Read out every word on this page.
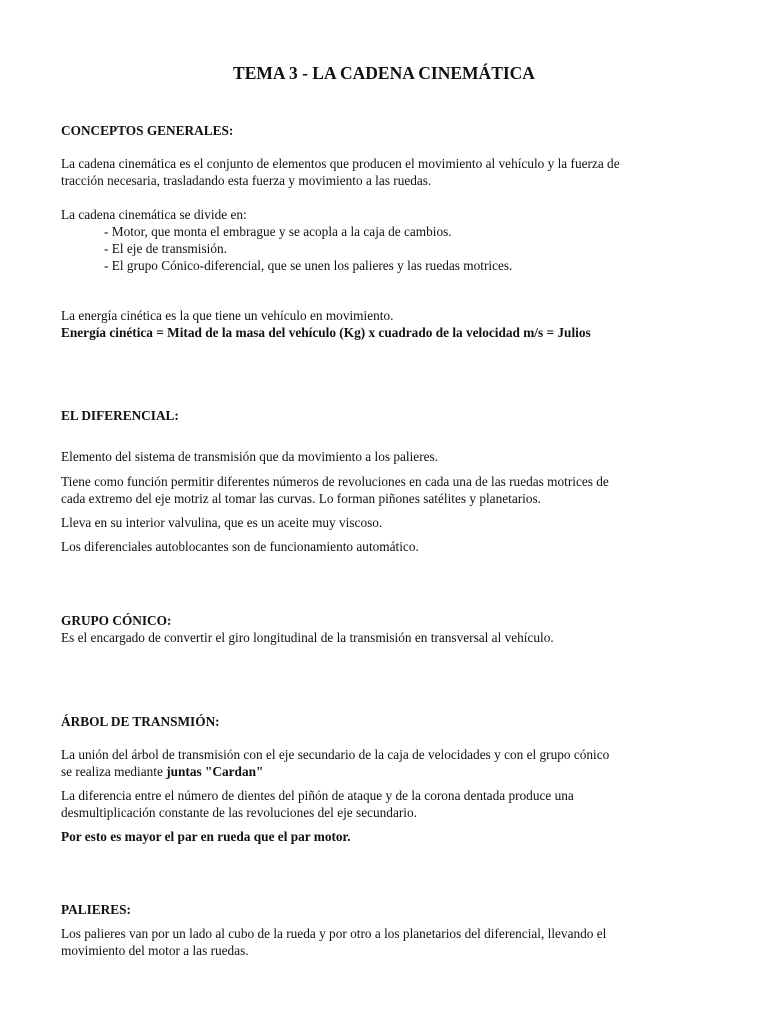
TEMA 3 - LA CADENA CINEMÁTICA
CONCEPTOS GENERALES:
La cadena cinemática es el conjunto de elementos que producen el movimiento al vehículo y la fuerza de
tracción necesaria, trasladando esta fuerza y movimiento a las ruedas.
La cadena cinemática se divide en:
- Motor, que monta el embrague y se acopla a la caja de cambios.
- El eje de transmisión.
- El grupo Cónico-diferencial, que se unen los palieres y las ruedas motrices.
La energía cinética es la que tiene un vehículo en movimiento.
Energía cinética = Mitad de la masa del vehículo (Kg) x cuadrado de la velocidad m/s = Julios
EL DIFERENCIAL:
Elemento del sistema de transmisión que da movimiento a los palieres.
Tiene como función permitir diferentes números de revoluciones en cada una de las ruedas motrices de
cada extremo del eje motriz al tomar las curvas. Lo forman piñones satélites y planetarios.
Lleva en su interior valvulina, que es un aceite muy viscoso.
Los diferenciales autoblocantes son de funcionamiento automático.
GRUPO CÓNICO:
Es el encargado de convertir el giro longitudinal de la transmisión en transversal al vehículo.
ÁRBOL DE TRANSMIÓN:
La unión del árbol de transmisión con el eje secundario de la caja de velocidades y con el grupo cónico
se realiza mediante juntas "Cardan"
La diferencia entre el número de dientes del piñón de ataque y de la corona dentada produce una
desmultiplicación constante de las revoluciones del eje secundario.
Por esto es mayor el par en rueda que el par motor.
PALIERES:
Los palieres van por un lado al cubo de la rueda y por otro a los planetarios del diferencial, llevando el
movimiento del motor a las ruedas.
